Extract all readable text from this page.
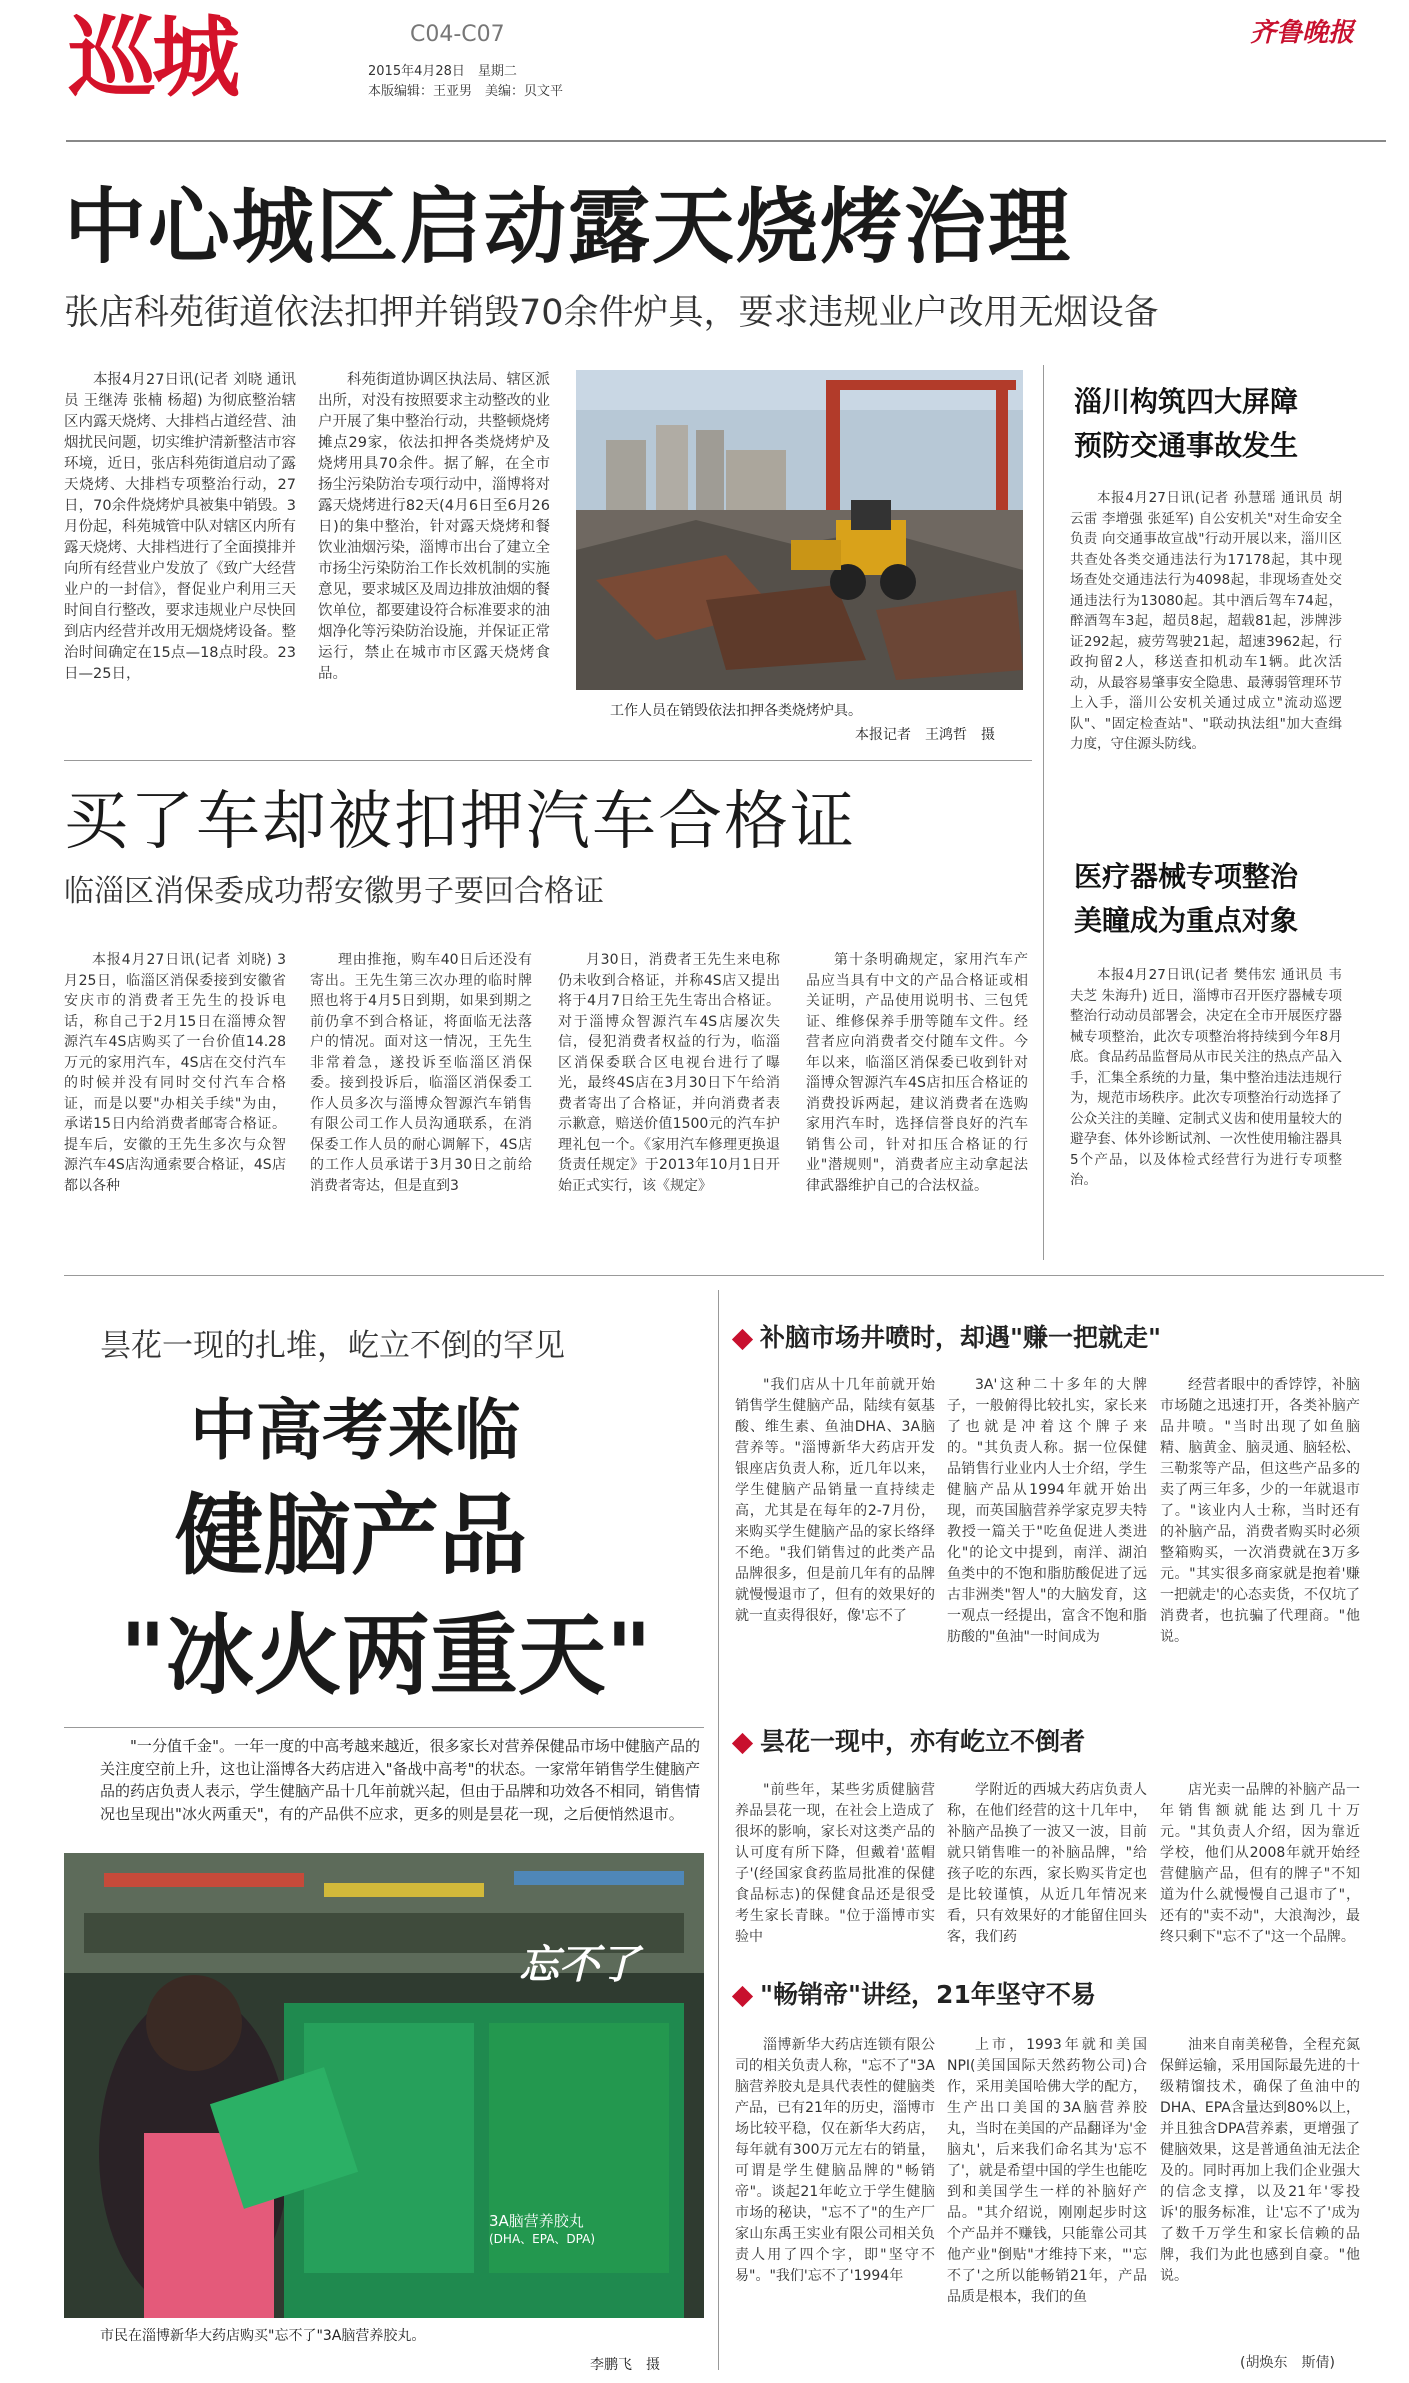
巡城	C04-C07
2015年4月28日　星期二
本版编辑：王亚男　美编：贝文平
齐鲁晚报
中心城区启动露天烧烤治理
张店科苑街道依法扣押并销毁70余件炉具，要求违规业户改用无烟设备

本报4月27日讯(记者 刘晓 通讯员 王继涛 张楠 杨超) 为彻底整治辖区内露天烧烤、大排档占道经营、油烟扰民问题，切实维护清新整洁市容环境，近日，张店科苑街道启动了露天烧烤、大排档专项整治行动，27日，70余件烧烤炉具被集中销毁。3月份起，科苑城管中队对辖区内所有露天烧烤、大排档进行了全面摸排并向所有经营业户发放了《致广大经营业户的一封信》，督促业户利用三天时间自行整改，要求违规业户尽快回到店内经营并改用无烟烧烤设备。整治时间确定在15点—18点时段。23日—25日，

科苑街道协调区执法局、辖区派出所，对没有按照要求主动整改的业户开展了集中整治行动，共整顿烧烤摊点29家，依法扣押各类烧烤炉及烧烤用具70余件。据了解，在全市扬尘污染防治专项行动中，淄博将对露天烧烤进行82天(4月6日至6月26日)的集中整治，针对露天烧烤和餐饮业油烟污染，淄博市出台了建立全市扬尘污染防治工作长效机制的实施意见，要求城区及周边排放油烟的餐饮单位，都要建设符合标准要求的油烟净化等污染防治设施，并保证正常运行，禁止在城市市区露天烧烤食品。

工作人员在销毁依法扣押各类烧烤炉具。
本报记者　王鸿哲　摄
淄川构筑四大屏障
预防交通事故发生

本报4月27日讯(记者 孙慧瑶 通讯员 胡云雷 李增强 张延军) 自公安机关"对生命安全负责 向交通事故宣战"行动开展以来，淄川区共查处各类交通违法行为17178起，其中现场查处交通违法行为4098起，非现场查处交通违法行为13080起。其中酒后驾车74起，醉酒驾车3起，超员8起，超载81起，涉牌涉证292起，疲劳驾驶21起，超速3962起，行政拘留2人，移送查扣机动车1辆。此次活动，从最容易肇事安全隐患、最薄弱管理环节上入手，淄川公安机关通过成立"流动巡逻队"、"固定检查站"、"联动执法组"加大查缉力度，守住源头防线。

买了车却被扣押汽车合格证
临淄区消保委成功帮安徽男子要回合格证

本报4月27日讯(记者 刘晓) 3月25日，临淄区消保委接到安徽省安庆市的消费者王先生的投诉电话，称自己于2月15日在淄博众智源汽车4S店购买了一台价值14.28万元的家用汽车，4S店在交付汽车的时候并没有同时交付汽车合格证，而是以要"办相关手续"为由，承诺15日内给消费者邮寄合格证。提车后，安徽的王先生多次与众智源汽车4S店沟通索要合格证，4S店都以各种

理由推拖，购车40日后还没有寄出。王先生第三次办理的临时牌照也将于4月5日到期，如果到期之前仍拿不到合格证，将面临无法落户的情况。面对这一情况，王先生非常着急，遂投诉至临淄区消保委。接到投诉后，临淄区消保委工作人员多次与淄博众智源汽车销售有限公司工作人员沟通联系，在消保委工作人员的耐心调解下，4S店的工作人员承诺于3月30日之前给消费者寄达，但是直到3

月30日，消费者王先生来电称仍未收到合格证，并称4S店又提出将于4月7日给王先生寄出合格证。对于淄博众智源汽车4S店屡次失信，侵犯消费者权益的行为，临淄区消保委联合区电视台进行了曝光，最终4S店在3月30日下午给消费者寄出了合格证，并向消费者表示歉意，赔送价值1500元的汽车护理礼包一个。《家用汽车修理更换退货责任规定》于2013年10月1日开始正式实行，该《规定》

第十条明确规定，家用汽车产品应当具有中文的产品合格证或相关证明，产品使用说明书、三包凭证、维修保养手册等随车文件。经营者应向消费者交付随车文件。今年以来，临淄区消保委已收到针对淄博众智源汽车4S店扣压合格证的消费投诉两起，建议消费者在选购家用汽车时，选择信誉良好的汽车销售公司，针对扣压合格证的行业"潜规则"，消费者应主动拿起法律武器维护自己的合法权益。

医疗器械专项整治
美瞳成为重点对象

本报4月27日讯(记者 樊伟宏 通讯员 韦夫芝 朱海升) 近日，淄博市召开医疗器械专项整治行动动员部署会，决定在全市开展医疗器械专项整治，此次专项整治将持续到今年8月底。食品药品监督局从市民关注的热点产品入手，汇集全系统的力量，集中整治违法违规行为，规范市场秩序。此次专项整治行动选择了公众关注的美瞳、定制式义齿和使用量较大的避孕套、体外诊断试剂、一次性使用输注器具5个产品，以及体检式经营行为进行专项整治。

昙花一现的扎堆，屹立不倒的罕见
中高考来临
健脑产品
"冰火两重天"

"一分值千金"。一年一度的中高考越来越近，很多家长对营养保健品市场中健脑产品的关注度空前上升，这也让淄博各大药店进入"备战中高考"的状态。一家常年销售学生健脑产品的药店负责人表示，学生健脑产品十几年前就兴起，但由于品牌和功效各不相同，销售情况也呈现出"冰火两重天"，有的产品供不应求，更多的则是昙花一现，之后便悄然退市。

忘不了
3A脑营养胶丸
(DHA、EPA、DPA)
市民在淄博新华大药店购买"忘不了"3A脑营养胶丸。
李鹏飞　摄
补脑市场井喷时，却遇"赚一把就走"

"我们店从十几年前就开始销售学生健脑产品，陆续有氨基酸、维生素、鱼油DHA、3A脑营养等。"淄博新华大药店开发银座店负责人称，近几年以来，学生健脑产品销量一直持续走高，尤其是在每年的2-7月份，来购买学生健脑产品的家长络绎不绝。"我们销售过的此类产品品牌很多，但是前几年有的品牌就慢慢退市了，但有的效果好的就一直卖得很好，像'忘不了

3A'这种二十多年的大牌子，一般俯得比较扎实，家长来了也就是冲着这个牌子来的。"其负责人称。据一位保健品销售行业业内人士介绍，学生健脑产品从1994年就开始出现，而英国脑营养学家克罗夫特教授一篇关于"吃鱼促进人类进化"的论文中提到，南洋、湖泊鱼类中的不饱和脂肪酸促进了远古非洲类"智人"的大脑发育，这一观点一经提出，富含不饱和脂肪酸的"鱼油"一时间成为

经营者眼中的香饽饽，补脑市场随之迅速打开，各类补脑产品井喷。"当时出现了如鱼脑精、脑黄金、脑灵通、脑轻松、三勒浆等产品，但这些产品多的卖了两三年多，少的一年就退市了。"该业内人士称，当时还有的补脑产品，消费者购买时必须整箱购买，一次消费就在3万多元。"其实很多商家就是抱着'赚一把就走'的心态卖货，不仅坑了消费者，也抗骗了代理商。"他说。

昙花一现中，亦有屹立不倒者

"前些年，某些劣质健脑营养品昙花一现，在社会上造成了很坏的影响，家长对这类产品的认可度有所下降，但戴着'蓝帽子'(经国家食药监局批准的保健食品标志)的保健食品还是很受考生家长青睐。"位于淄博市实验中

学附近的西城大药店负责人称，在他们经营的这十几年中，补脑产品换了一波又一波，目前就只销售唯一的补脑品牌，"给孩子吃的东西，家长购买肯定也是比较谨慎，从近几年情况来看，只有效果好的才能留住回头客，我们药

店光卖一品牌的补脑产品一年销售额就能达到几十万元。"其负责人介绍，因为靠近学校，他们从2008年就开始经营健脑产品，但有的牌子"不知道为什么就慢慢自己退市了"，还有的"卖不动"，大浪淘沙，最终只剩下"忘不了"这一个品牌。

"畅销帝"讲经，21年坚守不易

淄博新华大药店连锁有限公司的相关负责人称，"忘不了"3A脑营养胶丸是具代表性的健脑类产品，已有21年的历史，淄博市场比较平稳，仅在新华大药店，每年就有300万元左右的销量，可谓是学生健脑品牌的"畅销帝"。谈起21年屹立于学生健脑市场的秘诀，"忘不了"的生产厂家山东禹王实业有限公司相关负责人用了四个字，即"坚守不易"。"我们'忘不了'1994年

上市，1993年就和美国NPI(美国国际天然药物公司)合作，采用美国哈佛大学的配方，生产出口美国的3A脑营养胶丸，当时在美国的产品翻译为'金脑丸'，后来我们命名其为'忘不了'，就是希望中国的学生也能吃到和美国学生一样的补脑好产品。"其介绍说，刚刚起步时这个产品并不赚钱，只能靠公司其他产业"倒贴"才维持下来，"'忘不了'之所以能畅销21年，产品品质是根本，我们的鱼

油来自南美秘鲁，全程充氮保鲜运输，采用国际最先进的十级精馏技术，确保了鱼油中的DHA、EPA含量达到80%以上，并且独含DPA营养素，更增强了健脑效果，这是普通鱼油无法企及的。同时再加上我们企业强大的信念支撑，以及21年'零投诉'的服务标准，让'忘不了'成为了数千万学生和家长信赖的品牌，我们为此也感到自豪。"他说。

(胡焕东　斯倩)
